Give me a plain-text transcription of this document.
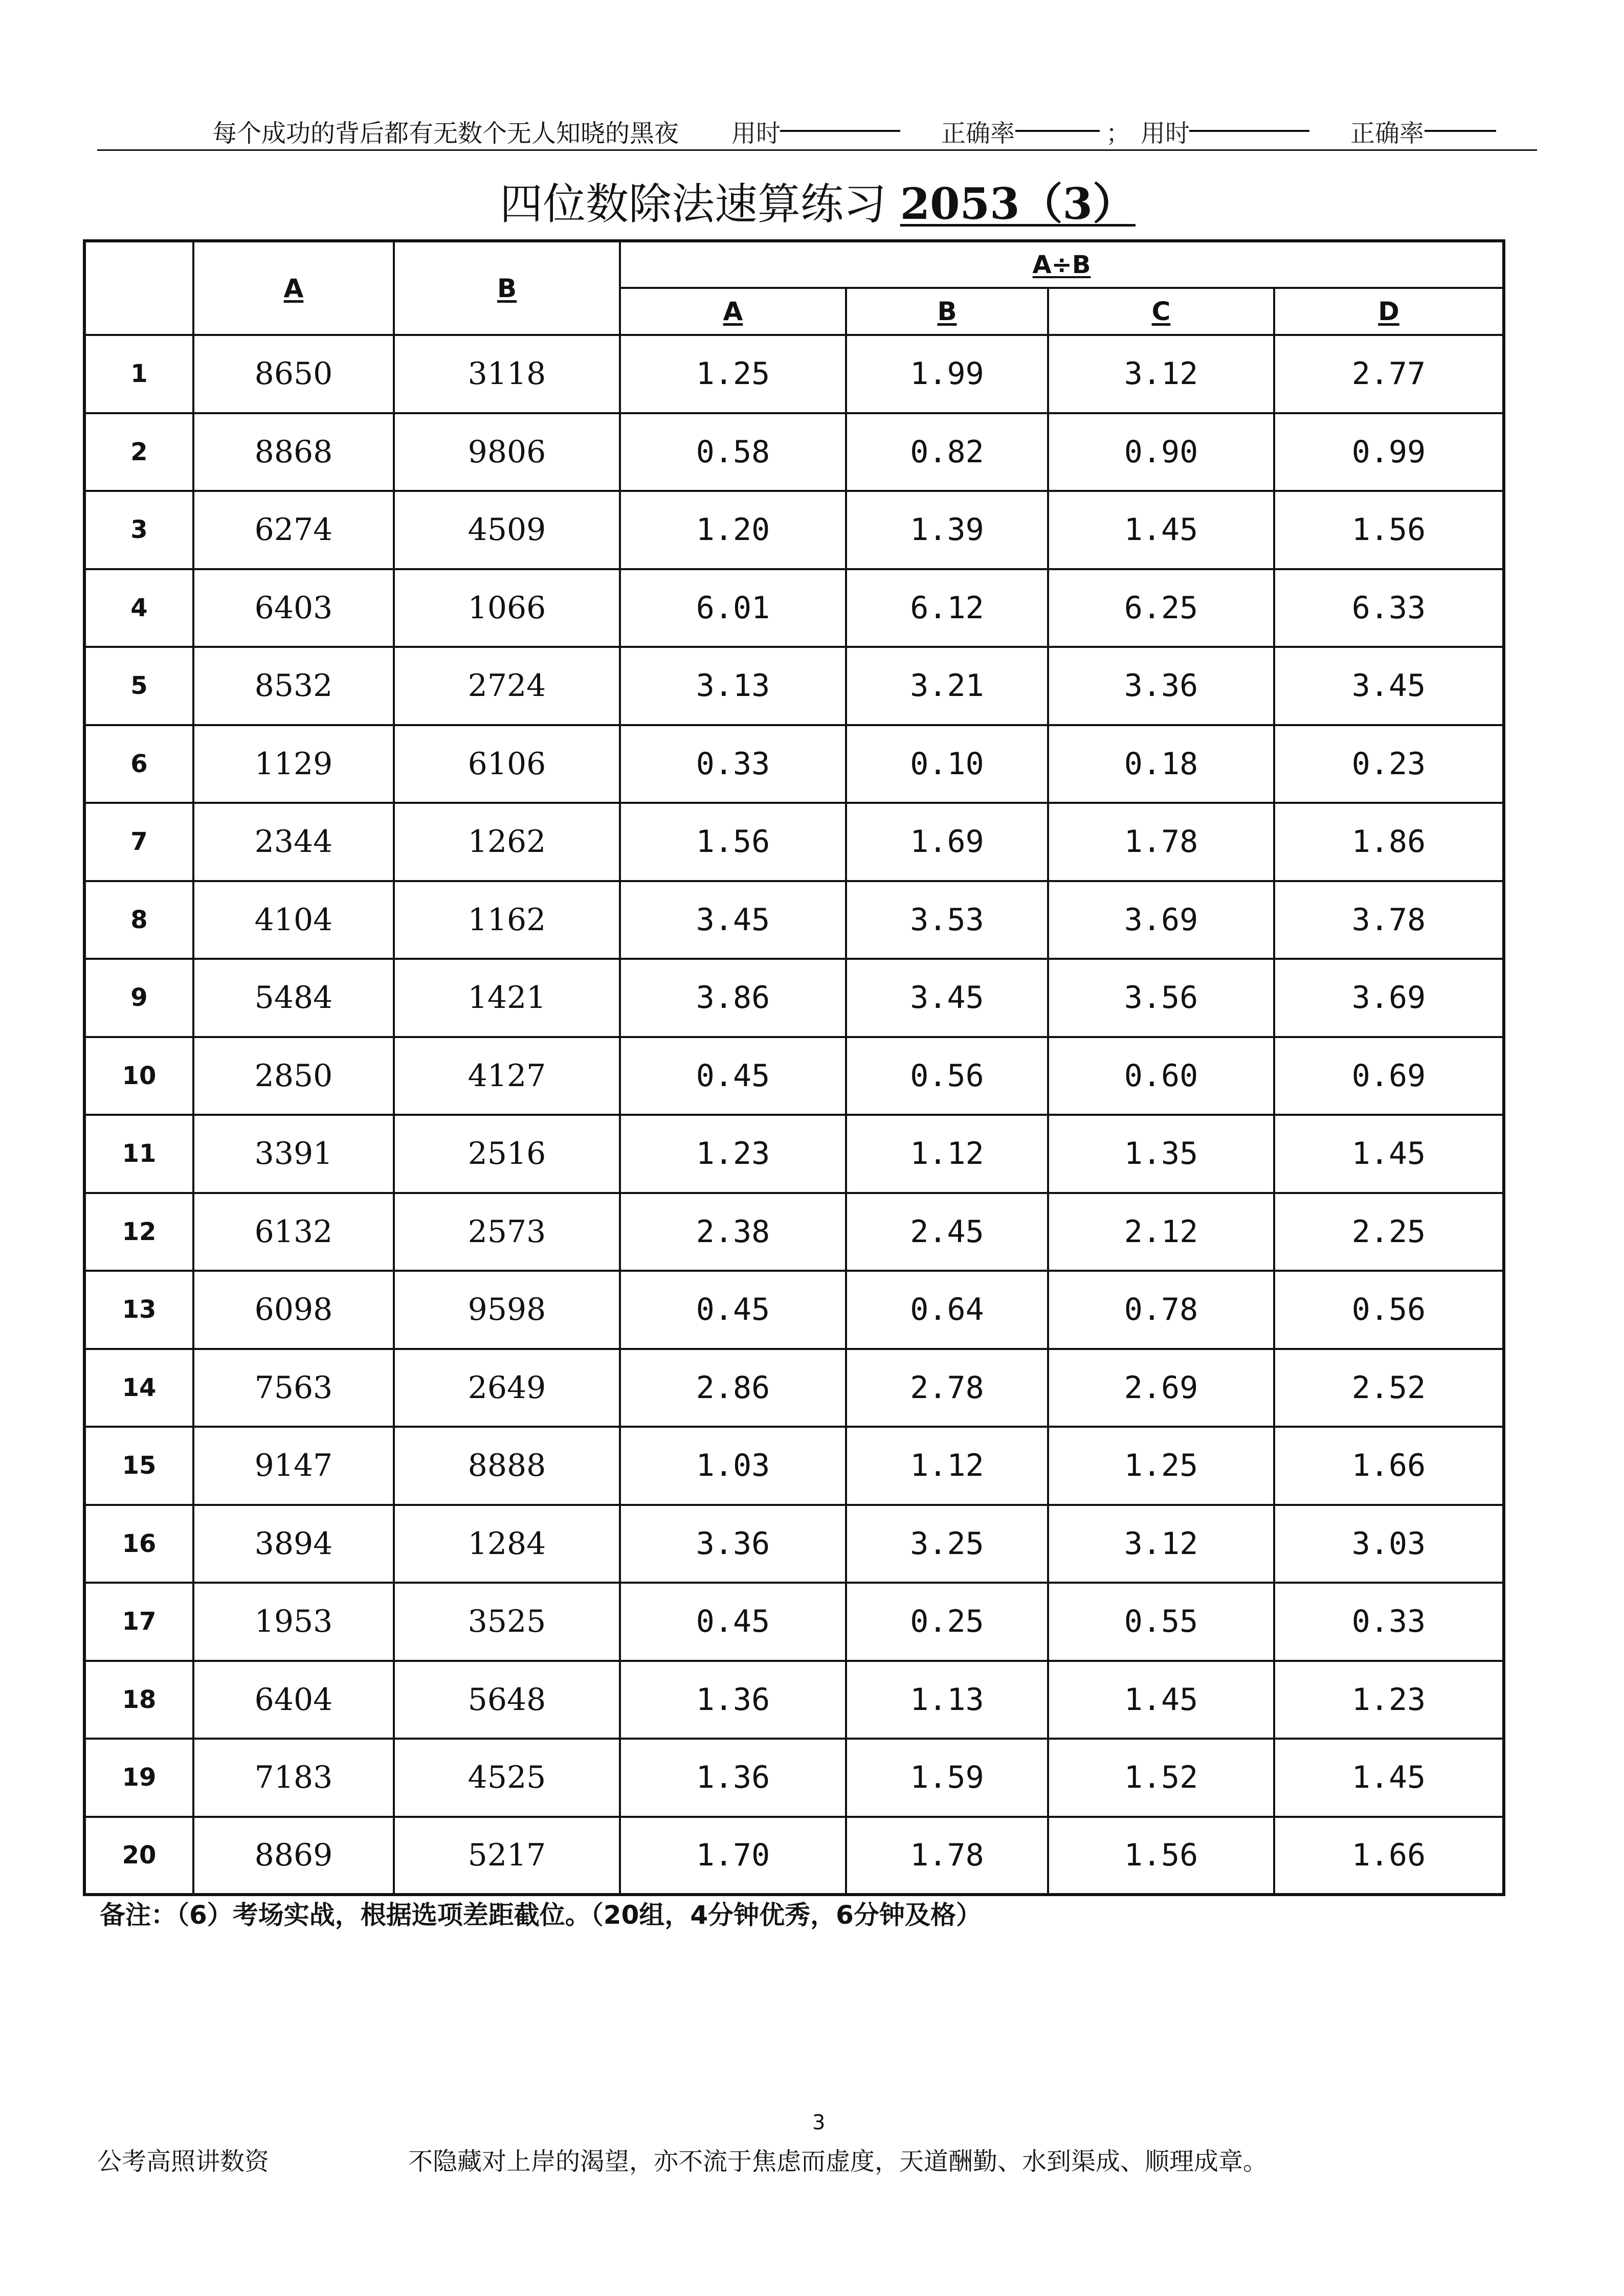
每个成功的背后都有无数个无人知晓的黑夜 用时	正确率	； 用时	正确率
四位数除法速算练习 2053（3）
	A	B	A÷B			
			A	B	C	D
1	8650	3118	1.25	1.99	3.12	2.77
2	8868	9806	0.58	0.82	0.90	0.99
3	6274	4509	1.20	1.39	1.45	1.56
4	6403	1066	6.01	6.12	6.25	6.33
5	8532	2724	3.13	3.21	3.36	3.45
6	1129	6106	0.33	0.10	0.18	0.23
7	2344	1262	1.56	1.69	1.78	1.86
8	4104	1162	3.45	3.53	3.69	3.78
9	5484	1421	3.86	3.45	3.56	3.69
10	2850	4127	0.45	0.56	0.60	0.69
11	3391	2516	1.23	1.12	1.35	1.45
12	6132	2573	2.38	2.45	2.12	2.25
13	6098	9598	0.45	0.64	0.78	0.56
14	7563	2649	2.86	2.78	2.69	2.52
15	9147	8888	1.03	1.12	1.25	1.66
16	3894	1284	3.36	3.25	3.12	3.03
17	1953	3525	0.45	0.25	0.55	0.33
18	6404	5648	1.36	1.13	1.45	1.23
19	7183	4525	1.36	1.59	1.52	1.45
20	8869	5217	1.70	1.78	1.56	1.66
备注：（6）考场实战，根据选项差距截位。（20组，4分钟优秀，6分钟及格）
3
公考高照讲数资	不隐藏对上岸的渴望，亦不流于焦虑而虚度，天道酬勤、水到渠成、顺理成章。
